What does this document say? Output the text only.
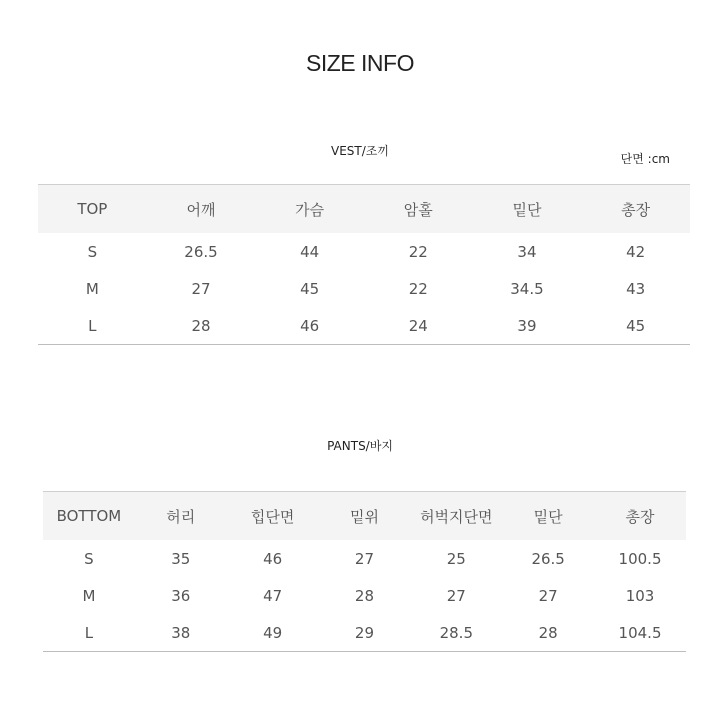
SIZE INFO
VEST/조끼
단면 :cm
TOP	어깨	가슴	암홀	밑단	총장
S	26.5	44	22	34	42
M	27	45	22	34.5	43
L	28	46	24	39	45
PANTS/바지
BOTTOM	허리	힙단면	밑위	허벅지단면	밑단	총장
S	35	46	27	25	26.5	100.5
M	36	47	28	27	27	103
L	38	49	29	28.5	28	104.5
